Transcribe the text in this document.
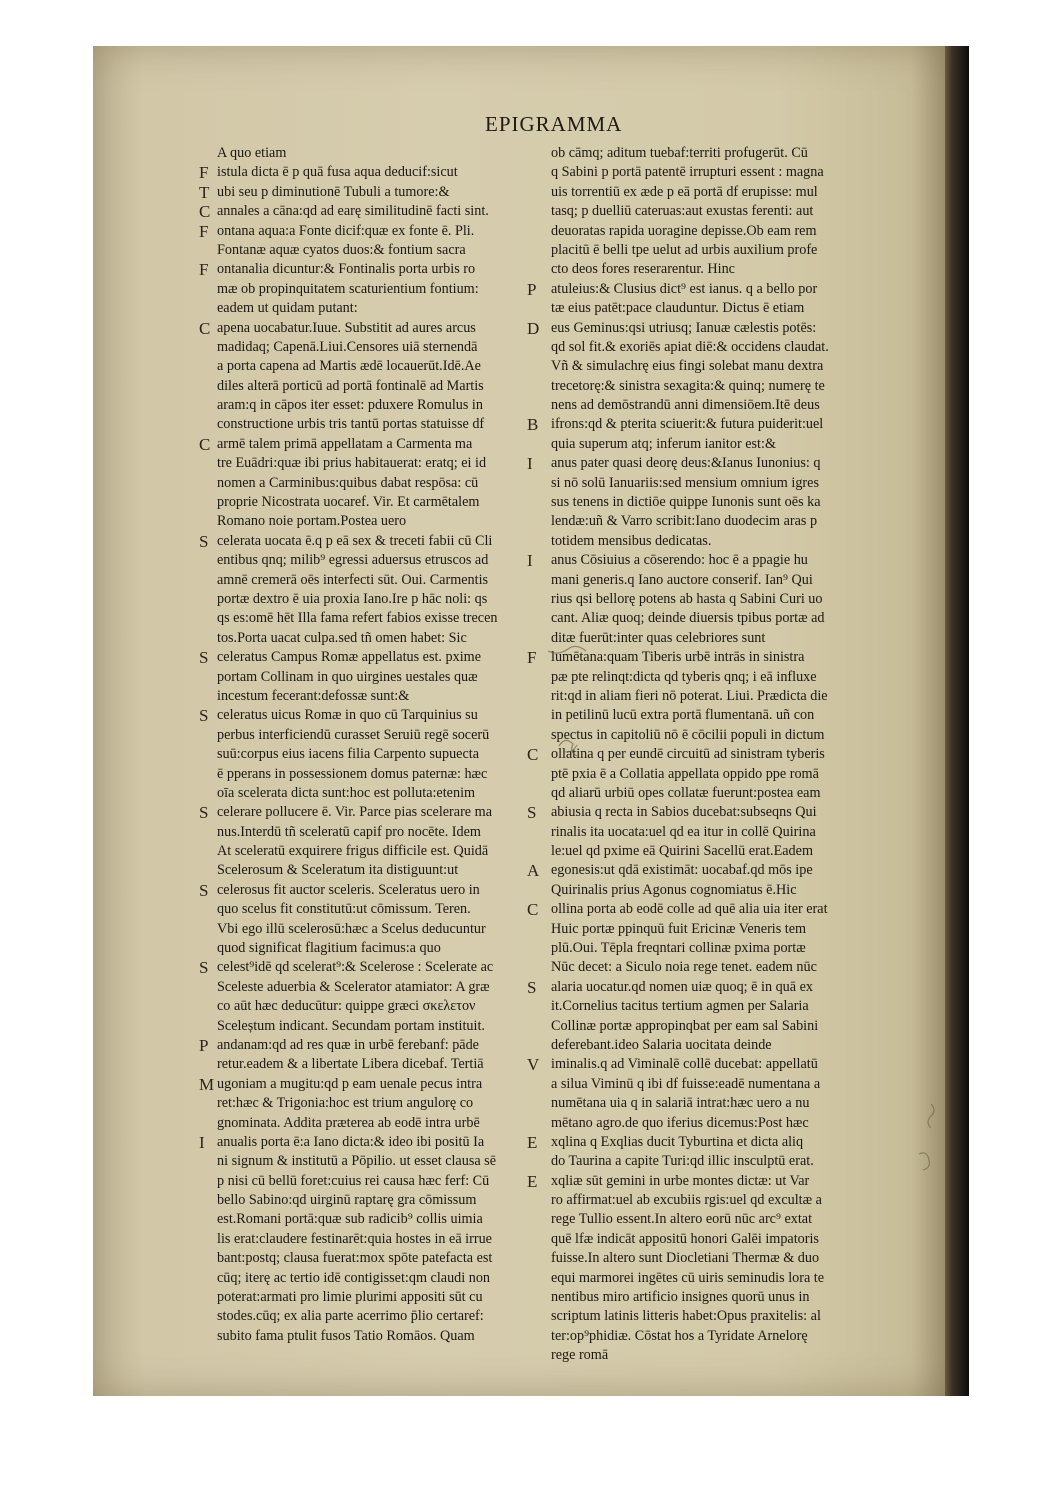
EPIGRAMMA
A quo etiam
F istula dicta ē p quā fusa aqua deducif:sicut
T ubi seu p diminutionē Tubuli a tumore:&
C annales a cāna:qd ad earę similitudinē facti sint.
F ontana aqua:a Fonte dicif:quæ ex fonte ē. Pli.
Fontanæ aquæ cyatos duos:& fontium sacra
F ontanalia dicuntur:& Fontinalis porta urbis ro
mæ ob propinquitatem scaturientium fontium:
eadem ut quidam putant:
C apena uocabatur.Iuue. Substitit ad aures arcus
madidaq; Capenā.Liui.Censores uiā sternendā
a porta capena ad Martis ædē locauerūt.Idē.Ae
diles alterā porticū ad portā fontinalē ad Martis
aram:q in cāpos iter esset: pduxere Romulus in
constructione urbis tris tantū portas statuisse df
C armē talem primā appellatam a Carmenta ma
tre Euādri:quæ ibi prius habitauerat: eratq; ei id
nomen a Carminibus:quibus dabat respōsa: cū
proprie Nicostrata uocaref. Vir. Et carmētalem
Romano noie portam.Postea uero
S celerata uocata ē.q p eā sex & treceti fabii cū Cli
entibus qnq; milib⁹ egressi aduersus etruscos ad
amnē cremerā oēs interfecti sūt. Oui. Carmentis
portæ dextro ē uia proxia Iano.Ire p hāc noli: qs
qs es:omē hēt Illa fama refert fabios exisse trecen
tos.Porta uacat culpa.sed tñ omen habet: Sic
S celeratus Campus Romæ appellatus est. pxime
portam Collinam in quo uirgines uestales quæ
incestum fecerant:defossæ sunt:&
S celeratus uicus Romæ in quo cū Tarquinius su
perbus interficiendū curasset Seruiū regē socerū
suū:corpus eius iacens filia Carpento supuecta
ē pperans in possessionem domus paternæ: hæc
oīa scelerata dicta sunt:hoc est polluta:etenim
S celerare pollucere ē. Vir. Parce pias scelerare ma
nus.Interdū tñ sceleratū capif pro nocēte. Idem
At sceleratū exquirere frigus difficile est. Quidā
Scelerosum & Sceleratum ita distiguunt:ut
S celerosus fit auctor sceleris. Sceleratus uero in
quo scelus fit constitutū:ut cōmissum. Teren.
Vbi ego illū scelerosū:hæc a Scelus deducuntur
quod significat flagitium facimus:a quo
S celest⁹idē qd scelerat⁹:& Scelerose : Scelerate ac
Sceleste aduerbia & Scelerator atamiator: A græ
co aūt hæc deducūtur: quippe græci σκελετον
Sceleștum indicant. Secundam portam instituit.
P andanam:qd ad res quæ in urbē ferebanf: pāde
retur.eadem & a libertate Libera dicebaf. Tertiā
M ugoniam a mugitu:qd p eam uenale pecus intra
ret:hæc & Trigonia:hoc est trium angulorę co
gnominata. Addita præterea ab eodē intra urbē
I anualis porta ē:a Iano dicta:& ideo ibi positū Ia
ni signum & institutū a Pōpilio. ut esset clausa sē
p nisi cū bellū foret:cuius rei causa hæc ferf: Cū
bello Sabino:qd uirginū raptarę gra cōmissum
est.Romani portā:quæ sub radicib⁹ collis uimia
lis erat:claudere festinarēt:quia hostes in eā irrue
bant:postq; clausa fuerat:mox spōte patefacta est
cūq; iterę ac tertio idē contigisset:qm claudi non
poterat:armati pro limie plurimi appositi sūt cu
stodes.cūq; ex alia parte acerrimo p̄lio certaref:
subito fama ptulit fusos Tatio Romāos. Quam
ob cāmq; aditum tuebaf:territi profugerūt. Cū
q Sabini p portā patentē irrupturi essent : magna
uis torrentiū ex æde p eā portā df erupisse: mul
tasq; p duelliū cateruas:aut exustas ferenti: aut
deuoratas rapida uoragine depisse.Ob eam rem
placitū ē belli tpe uelut ad urbis auxilium profe
cto deos fores reserarentur. Hinc
P atuleius:& Clusius dict⁹ est ianus. q a bello por
tæ eius patēt:pace clauduntur. Dictus ē etiam
D eus Geminus:qsi utriusq; Ianuæ cælestis potēs:
qd sol fit.& exoriēs apiat diē:& occidens claudat.
Vñ & simulachrę eius fingi solebat manu dextra
trecetorę:& sinistra sexagita:& quinq; numerę te
nens ad demōstrandū anni dimensiōem.Itē deus
B ifrons:qd & pterita sciuerit:& futura puiderit:uel
quia superum atq; inferum ianitor est:&
I anus pater quasi deorę deus:&Ianus Iunonius: q
si nō solū Ianuariis:sed mensium omnium igres
sus tenens in dictiōe quippe Iunonis sunt oēs ka
lendæ:uñ & Varro scribit:Iano duodecim aras p
totidem mensibus dedicatas.
I anus Cōsiuius a cōserendo: hoc ē a ppagie hu
mani generis.q Iano auctore conserif. Ian⁹ Qui
rius qsi bellorę potens ab hasta q Sabini Curi uo
cant. Aliæ quoq; deinde diuersis tpibus portæ ad
ditæ fuerūt:inter quas celebriores sunt
F lumētana:quam Tiberis urbē intrās in sinistra
pæ pte relinqt:dicta qd tyberis qnq; i eā influxe
rit:qd in aliam fieri nō poterat. Liui. Prædicta die
in petilinū lucū extra portā flumentanā. uñ con
spectus in capitoliū nō ē cōcilii populi in dictum
C ollatina q per eundē circuitū ad sinistram tyberis
ptē pxia ē a Collatia appellata oppido ppe romā
qd aliarū urbiū opes collatæ fuerunt:postea eam
S abiusia q recta in Sabios ducebat:subseqns Qui
rinalis ita uocata:uel qd ea itur in collē Quirina
le:uel qd pxime eā Quirini Sacellū erat.Eadem
A egonesis:ut qdā existimāt: uocabaf.qd mōs ipe
Quirinalis prius Agonus cognomiatus ē.Hic
C ollina porta ab eodē colle ad quē alia uia iter erat
Huic portæ ppinquū fuit Ericinæ Veneris tem
plū.Oui. Tēpla freqntari collinæ pxima portæ
Nūc decet: a Siculo noia rege tenet. eadem nūc
S alaria uocatur.qd nomen uiæ quoq; ē in quā ex
it.Cornelius tacitus tertium agmen per Salaria
Collinæ portæ appropinqbat per eam sal Sabini
deferebant.ideo Salaria uocitata deinde
V iminalis.q ad Viminalē collē ducebat: appellatū
a silua Viminū q ibi df fuisse:eadē numentana a
numētana uia q in salariā intrat:hæc uero a nu
mētano agro.de quo iferius dicemus:Post hæc
E xqlina q Exqlias ducit Tyburtina et dicta aliq
do Taurina a capite Turi:qd illic insculptū erat.
E xqliæ sūt gemini in urbe montes dictæ: ut Var
ro affirmat:uel ab excubiis rgis:uel qd excultæ a
rege Tullio essent.In altero eorū nūc arc⁹ extat
quē lfæ indicāt appositū honori Galēi impatoris
fuisse.In altero sunt Diocletiani Thermæ & duo
equi marmorei ingētes cū uiris seminudis lora te
nentibus miro artificio insignes quorū unus in
scriptum latinis litteris habet:Opus praxitelis: al
ter:op⁹phidiæ. Cōstat hos a Tyridate Arnelorę
rege romā
